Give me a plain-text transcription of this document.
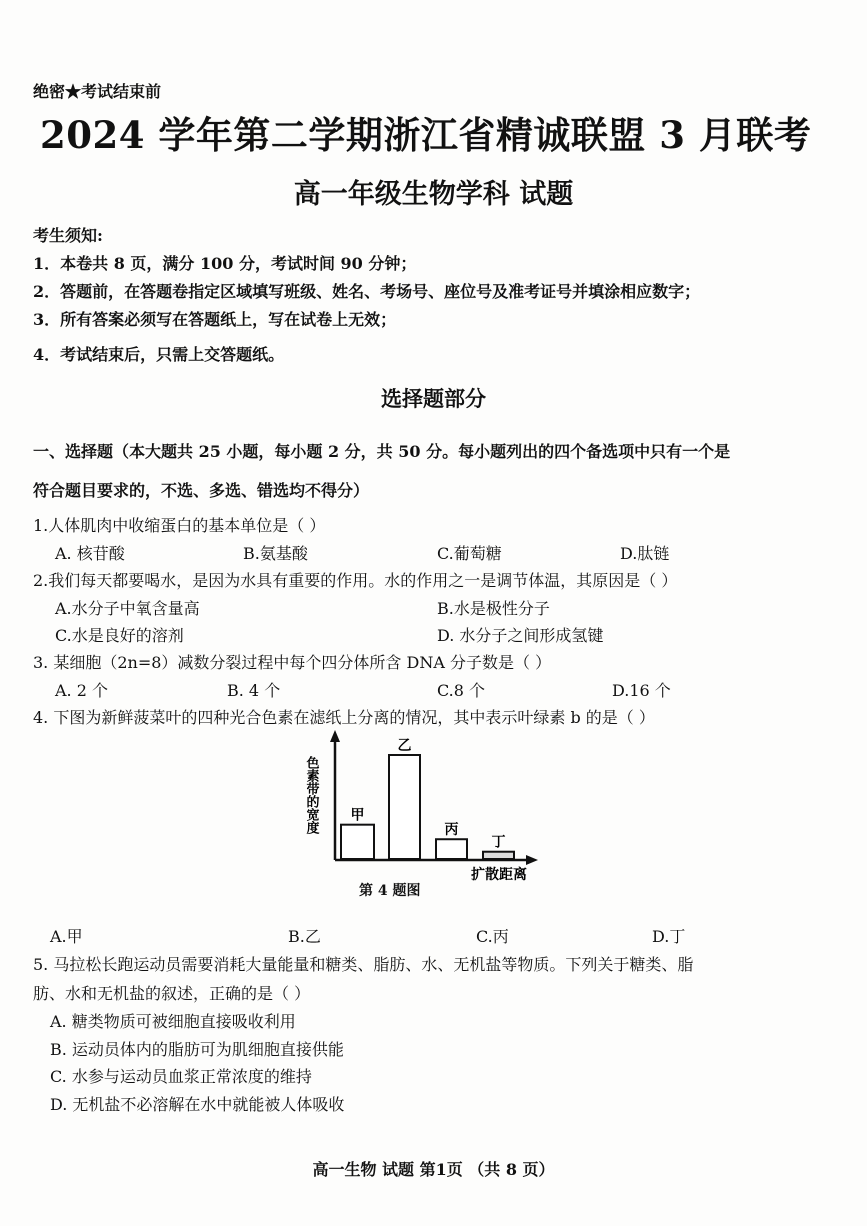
绝密★考试结束前
2024 学年第二学期浙江省精诚联盟 3 月联考
高一年级生物学科 试题
考生须知:
1．本卷共 8 页，满分 100 分，考试时间 90 分钟；
2．答题前，在答题卷指定区域填写班级、姓名、考场号、座位号及准考证号并填涂相应数字；
3．所有答案必须写在答题纸上，写在试卷上无效；
4．考试结束后，只需上交答题纸。
选择题部分
一、选择题（本大题共 25 小题，每小题 2 分，共 50 分。每小题列出的四个备选项中只有一个是
符合题目要求的，不选、多选、错选均不得分）
1.人体肌肉中收缩蛋白的基本单位是（ ）
A. 核苷酸	B.氨基酸	C.葡萄糖	D.肽链
2.我们每天都要喝水，是因为水具有重要的作用。水的作用之一是调节体温，其原因是（ ）
A.水分子中氧含量高	B.水是极性分子
C.水是良好的溶剂	D. 水分子之间形成氢键
3. 某细胞（2n=8）减数分裂过程中每个四分体所含 DNA 分子数是（ ）
A. 2 个	B. 4 个	C.8 个	D.16 个
4. 下图为新鲜菠菜叶的四种光合色素在滤纸上分离的情况，其中表示叶绿素 b 的是（ ）
色素带的宽度
扩散距离
甲
乙
丙
丁
第 4 题图
A.甲	B.乙	C.丙	D.丁
5. 马拉松长跑运动员需要消耗大量能量和糖类、脂肪、水、无机盐等物质。下列关于糖类、脂
肪、水和无机盐的叙述，正确的是（ ）
A. 糖类物质可被细胞直接吸收利用
B. 运动员体内的脂肪可为肌细胞直接供能
C. 水参与运动员血浆正常浓度的维持
D. 无机盐不必溶解在水中就能被人体吸收
高一生物 试题 第1页 （共 8 页）
